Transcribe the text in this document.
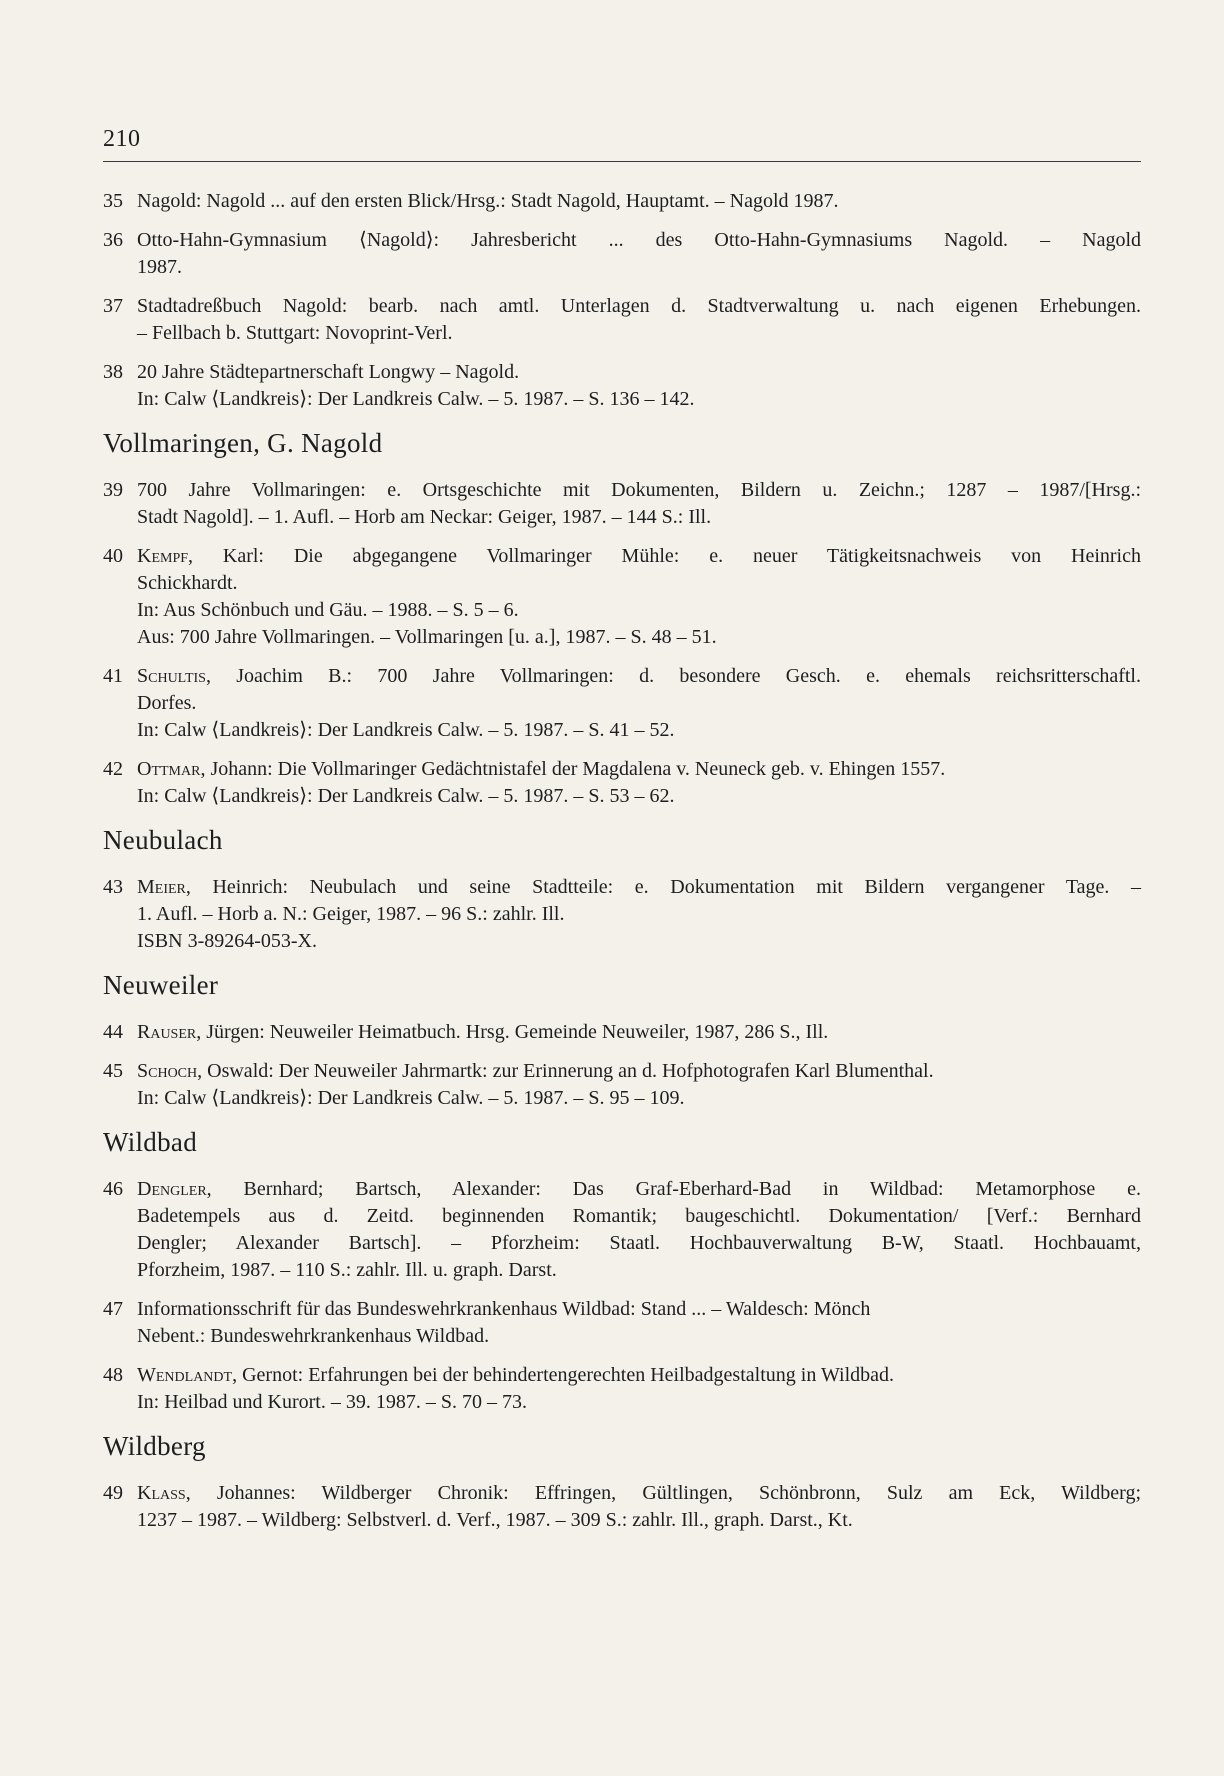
210
35 Nagold: Nagold ... auf den ersten Blick/Hrsg.: Stadt Nagold, Hauptamt. – Nagold 1987.
36 Otto-Hahn-Gymnasium ⟨Nagold⟩: Jahresbericht ... des Otto-Hahn-Gymnasiums Nagold. – Nagold
1987.
37 Stadtadreßbuch Nagold: bearb. nach amtl. Unterlagen d. Stadtverwaltung u. nach eigenen Erhebungen.
– Fellbach b. Stuttgart: Novoprint-Verl.
38 20 Jahre Städtepartnerschaft Longwy – Nagold.
In: Calw ⟨Landkreis⟩: Der Landkreis Calw. – 5. 1987. – S. 136 – 142.
Vollmaringen, G. Nagold
39 700 Jahre Vollmaringen: e. Ortsgeschichte mit Dokumenten, Bildern u. Zeichn.; 1287 – 1987/[Hrsg.:
Stadt Nagold]. – 1. Aufl. – Horb am Neckar: Geiger, 1987. – 144 S.: Ill.
40 Kempf, Karl: Die abgegangene Vollmaringer Mühle: e. neuer Tätigkeitsnachweis von Heinrich
Schickhardt.
In: Aus Schönbuch und Gäu. – 1988. – S. 5 – 6.
Aus: 700 Jahre Vollmaringen. – Vollmaringen [u. a.], 1987. – S. 48 – 51.
41 Schultis, Joachim B.: 700 Jahre Vollmaringen: d. besondere Gesch. e. ehemals reichsritterschaftl.
Dorfes.
In: Calw ⟨Landkreis⟩: Der Landkreis Calw. – 5. 1987. – S. 41 – 52.
42 Ottmar, Johann: Die Vollmaringer Gedächtnistafel der Magdalena v. Neuneck geb. v. Ehingen 1557.
In: Calw ⟨Landkreis⟩: Der Landkreis Calw. – 5. 1987. – S. 53 – 62.
Neubulach
43 Meier, Heinrich: Neubulach und seine Stadtteile: e. Dokumentation mit Bildern vergangener Tage. –
1. Aufl. – Horb a. N.: Geiger, 1987. – 96 S.: zahlr. Ill.
ISBN 3-89264-053-X.
Neuweiler
44 Rauser, Jürgen: Neuweiler Heimatbuch. Hrsg. Gemeinde Neuweiler, 1987, 286 S., Ill.
45 Schoch, Oswald: Der Neuweiler Jahrmartk: zur Erinnerung an d. Hofphotografen Karl Blumenthal.
In: Calw ⟨Landkreis⟩: Der Landkreis Calw. – 5. 1987. – S. 95 – 109.
Wildbad
46 Dengler, Bernhard; Bartsch, Alexander: Das Graf-Eberhard-Bad in Wildbad: Metamorphose e.
Badetempels aus d. Zeitd. beginnenden Romantik; baugeschichtl. Dokumentation/ [Verf.: Bernhard
Dengler; Alexander Bartsch]. – Pforzheim: Staatl. Hochbauverwaltung B-W, Staatl. Hochbauamt,
Pforzheim, 1987. – 110 S.: zahlr. Ill. u. graph. Darst.
47 Informationsschrift für das Bundeswehrkrankenhaus Wildbad: Stand ... – Waldesch: Mönch
Nebent.: Bundeswehrkrankenhaus Wildbad.
48 Wendlandt, Gernot: Erfahrungen bei der behindertengerechten Heilbadgestaltung in Wildbad.
In: Heilbad und Kurort. – 39. 1987. – S. 70 – 73.
Wildberg
49 Klass, Johannes: Wildberger Chronik: Effringen, Gültlingen, Schönbronn, Sulz am Eck, Wildberg;
1237 – 1987. – Wildberg: Selbstverl. d. Verf., 1987. – 309 S.: zahlr. Ill., graph. Darst., Kt.
